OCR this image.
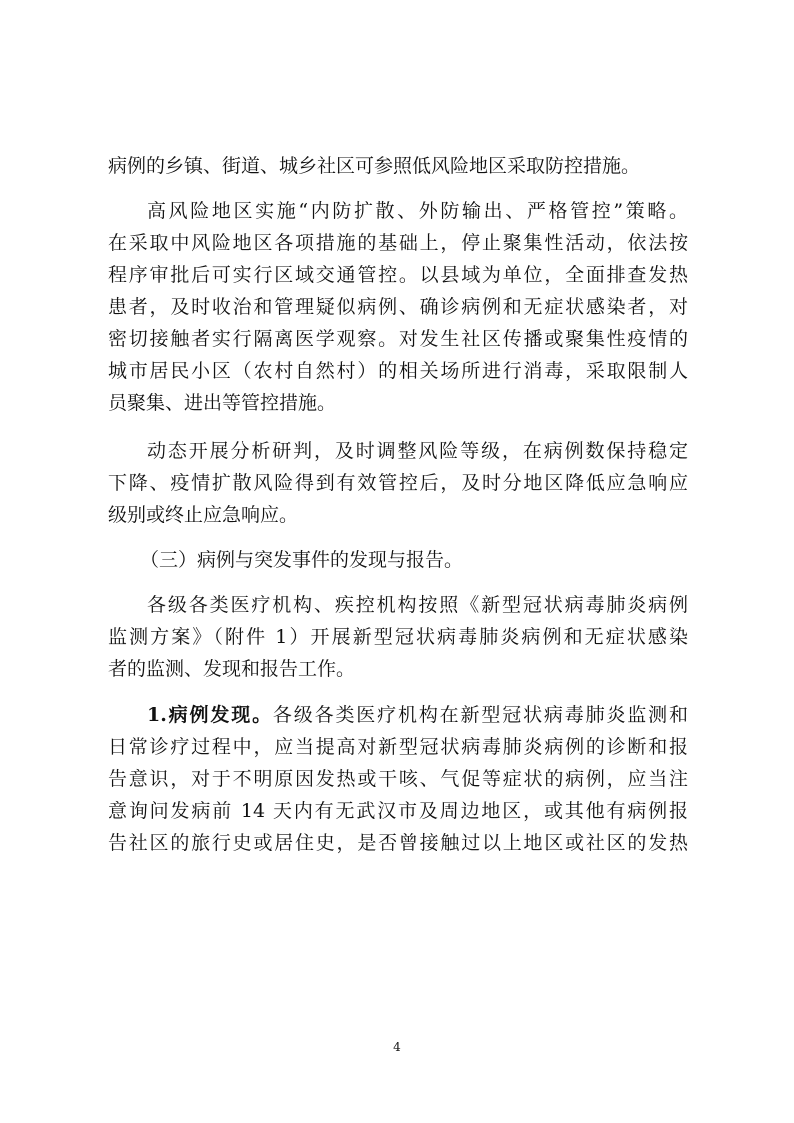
病例的乡镇、街道、城乡社区可参照低风险地区采取防控措施。
高风险地区实施“内防扩散、外防输出、严格管控”策略。
在采取中风险地区各项措施的基础上，停止聚集性活动，依法按
程序审批后可实行区域交通管控。以县域为单位，全面排查发热
患者，及时收治和管理疑似病例、确诊病例和无症状感染者，对
密切接触者实行隔离医学观察。对发生社区传播或聚集性疫情的
城市居民小区（农村自然村）的相关场所进行消毒，采取限制人
员聚集、进出等管控措施。
动态开展分析研判，及时调整风险等级，在病例数保持稳定
下降、疫情扩散风险得到有效管控后，及时分地区降低应急响应
级别或终止应急响应。
（三）病例与突发事件的发现与报告。
各级各类医疗机构、疾控机构按照《新型冠状病毒肺炎病例
监测方案》（附件 1）开展新型冠状病毒肺炎病例和无症状感染
者的监测、发现和报告工作。
1.病例发现。各级各类医疗机构在新型冠状病毒肺炎监测和
日常诊疗过程中，应当提高对新型冠状病毒肺炎病例的诊断和报
告意识，对于不明原因发热或干咳、气促等症状的病例，应当注
意询问发病前 14 天内有无武汉市及周边地区，或其他有病例报
告社区的旅行史或居住史，是否曾接触过以上地区或社区的发热
4
